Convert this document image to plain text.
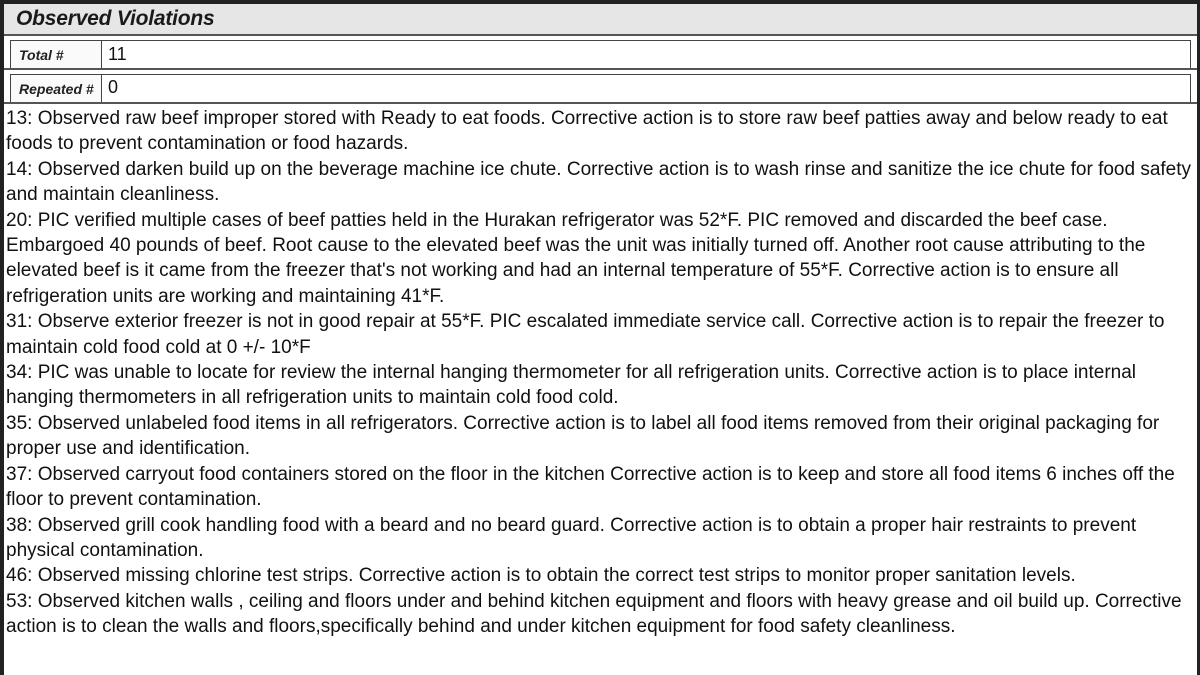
Observed Violations
Total #	11
Repeated # 0

13: Observed raw beef improper stored with Ready to eat foods. Corrective action is to store raw beef patties away and below ready to eat foods to prevent contamination or food hazards.

14: Observed darken build up on the beverage machine ice chute. Corrective action is to wash rinse and sanitize the ice chute for food safety and maintain cleanliness.

20: PIC verified multiple cases of beef patties held in the Hurakan refrigerator was 52*F. PIC removed and discarded the beef case. Embargoed 40 pounds of beef. Root cause to the elevated beef was the unit was initially turned off. Another root cause attributing to the elevated beef is it came from the freezer that's not working and had an internal temperature of 55*F. Corrective action is to ensure all refrigeration units are working and maintaining 41*F.

31: Observe exterior freezer is not in good repair at 55*F. PIC escalated immediate service call. Corrective action is to repair the freezer to maintain cold food cold at 0 +/- 10*F

34: PIC was unable to locate for review the internal hanging thermometer for all refrigeration units. Corrective action is to place internal hanging thermometers in all refrigeration units to maintain cold food cold.

35: Observed unlabeled food items in all refrigerators. Corrective action is to label all food items removed from their original packaging for proper use and identification.

37: Observed carryout food containers stored on the floor in the kitchen Corrective action is to keep and store all food items 6 inches off the floor to prevent contamination.

38: Observed grill cook handling food with a beard and no beard guard. Corrective action is to obtain a proper hair restraints to prevent physical contamination.

46: Observed missing chlorine test strips. Corrective action is to obtain the correct test strips to monitor proper sanitation levels.

53: Observed kitchen walls , ceiling and floors under and behind kitchen equipment and floors with heavy grease and oil build up. Corrective action is to clean the walls and floors,specifically behind and under kitchen equipment for food safety cleanliness.
